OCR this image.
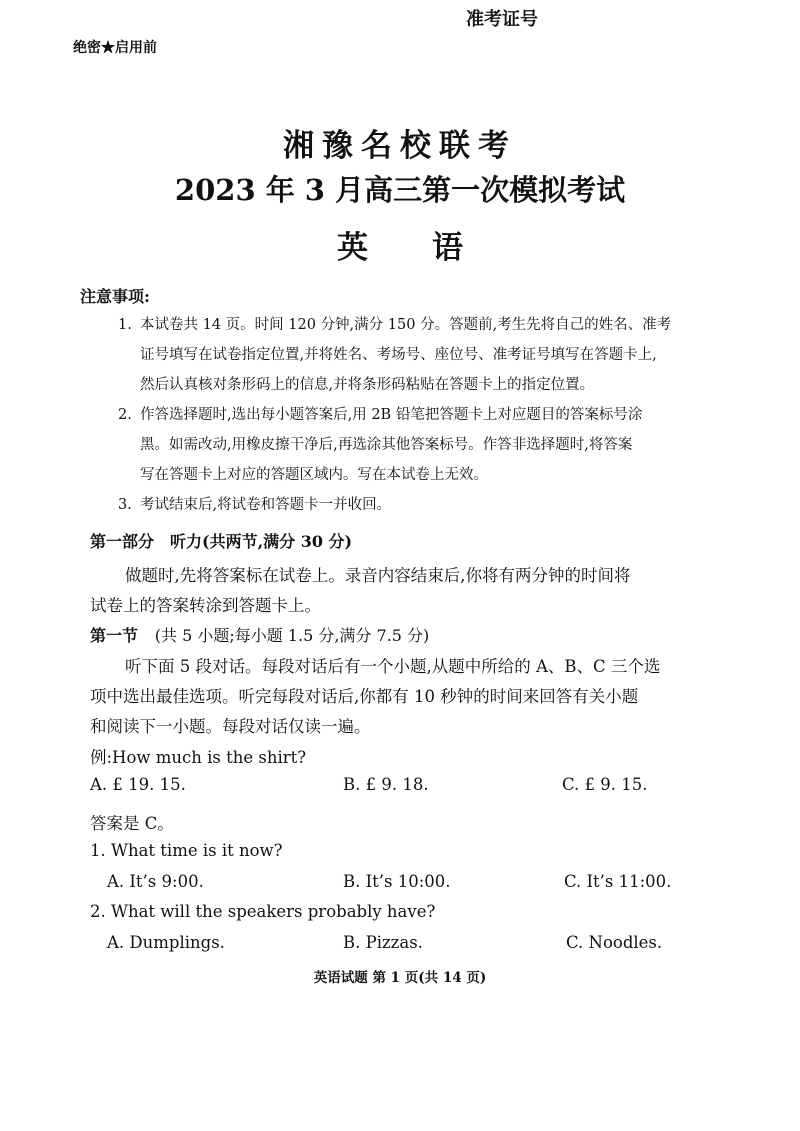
准考证号
绝密★启用前
湘豫名校联考
2023 年 3 月高三第一次模拟考试
英 语
注意事项:
1. 本试卷共 14 页。时间 120 分钟,满分 150 分。答题前,考生先将自己的姓名、准考
证号填写在试卷指定位置,并将姓名、考场号、座位号、准考证号填写在答题卡上,
然后认真核对条形码上的信息,并将条形码粘贴在答题卡上的指定位置。
2. 作答选择题时,选出每小题答案后,用 2B 铅笔把答题卡上对应题目的答案标号涂
黑。如需改动,用橡皮擦干净后,再选涂其他答案标号。作答非选择题时,将答案
写在答题卡上对应的答题区域内。写在本试卷上无效。
3. 考试结束后,将试卷和答题卡一并收回。
第一部分　听力(共两节,满分 30 分)
做题时,先将答案标在试卷上。录音内容结束后,你将有两分钟的时间将
试卷上的答案转涂到答题卡上。
第一节 (共 5 小题;每小题 1.5 分,满分 7.5 分)
听下面 5 段对话。每段对话后有一个小题,从题中所给的 A、B、C 三个选
项中选出最佳选项。听完每段对话后,你都有 10 秒钟的时间来回答有关小题
和阅读下一小题。每段对话仅读一遍。
例:How much is the shirt?
A. £ 19. 15.	B. £ 9. 18.	C. £ 9. 15.
答案是 C。
1. What time is it now?
A. It’s 9:00.	B. It’s 10:00.	C. It’s 11:00.
2. What will the speakers probably have?
A. Dumplings.	B. Pizzas.	C. Noodles.
英语试题 第 1 页(共 14 页)
